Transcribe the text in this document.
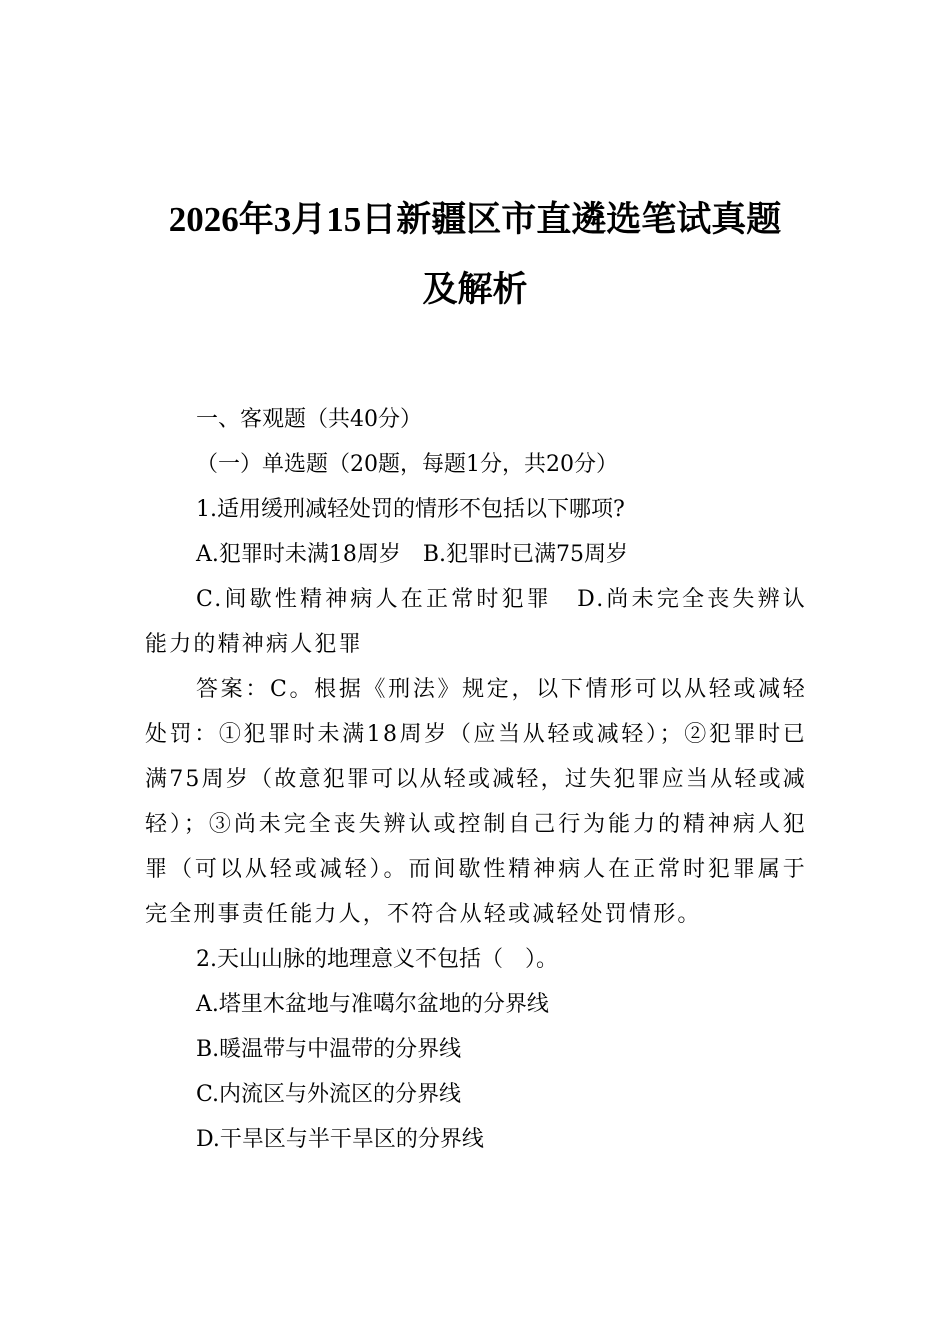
2026年3月15日新疆区市直遴选笔试真题
及解析

一、客观题（共40分）

（一）单选题（20题，每题1分，共20分）

1.适用缓刑减轻处罚的情形不包括以下哪项?

A.犯罪时未满18周岁　B.犯罪时已满75周岁

C.间歇性精神病人在正常时犯罪　D.尚未完全丧失辨认能力的精神病人犯罪

答案：C。根据《刑法》规定，以下情形可以从轻或减轻处罚：①犯罪时未满18周岁（应当从轻或减轻）；②犯罪时已满75周岁（故意犯罪可以从轻或减轻，过失犯罪应当从轻或减轻）；③尚未完全丧失辨认或控制自己行为能力的精神病人犯罪（可以从轻或减轻）。而间歇性精神病人在正常时犯罪属于完全刑事责任能力人，不符合从轻或减轻处罚情形。

2.天山山脉的地理意义不包括（　）。

A.塔里木盆地与准噶尔盆地的分界线

B.暖温带与中温带的分界线

C.内流区与外流区的分界线

D.干旱区与半干旱区的分界线
